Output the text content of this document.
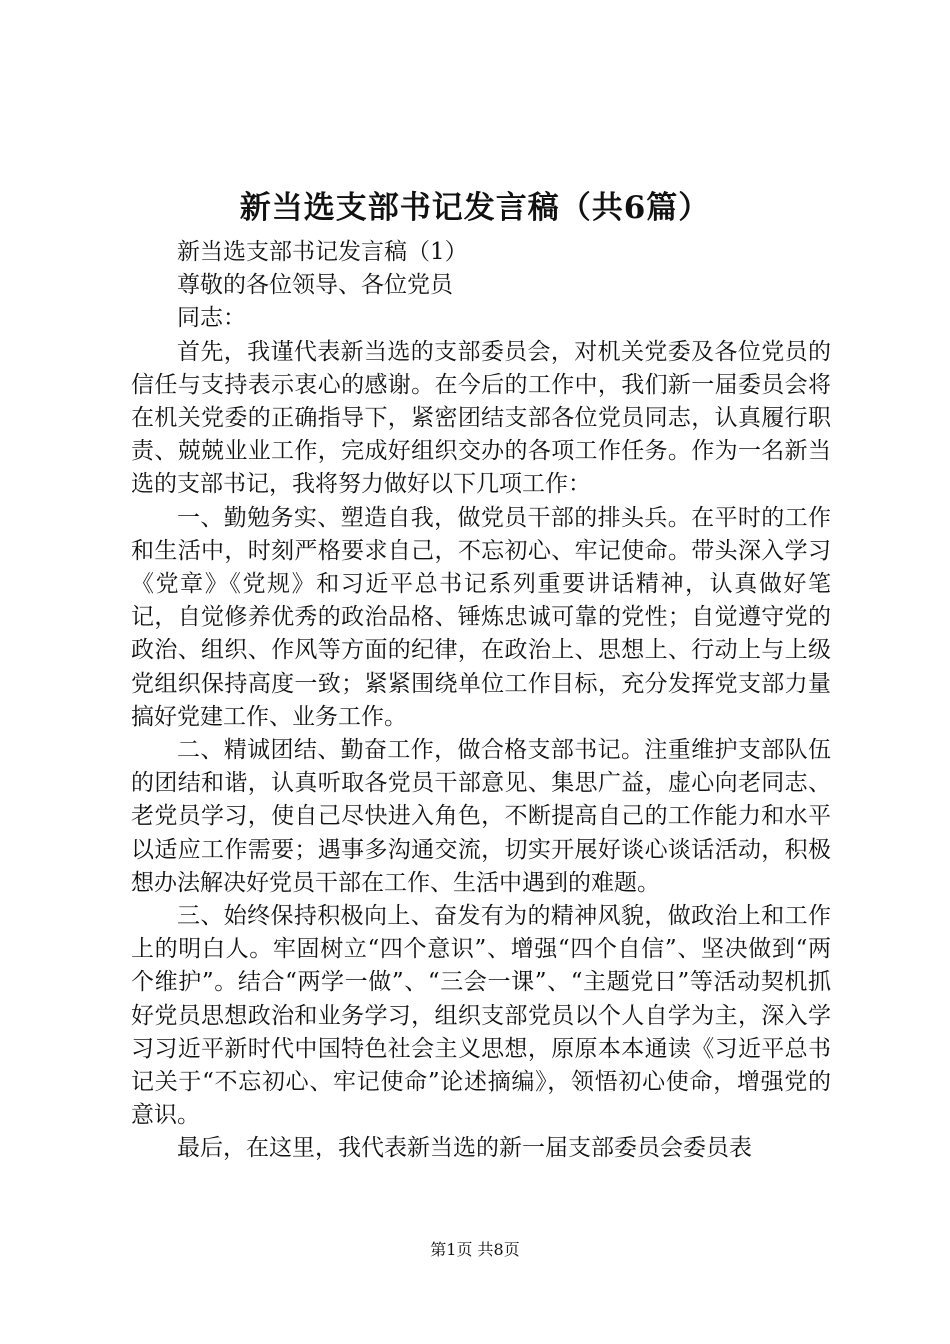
新当选支部书记发言稿（共6篇）

新当选支部书记发言稿（1）

尊敬的各位领导、各位党员

同志：

首先，我谨代表新当选的支部委员会，对机关党委及各位党员的信任与支持表示衷心的感谢。在今后的工作中，我们新一届委员会将在机关党委的正确指导下，紧密团结支部各位党员同志，认真履行职责、兢兢业业工作，完成好组织交办的各项工作任务。作为一名新当选的支部书记，我将努力做好以下几项工作：

一、勤勉务实、塑造自我，做党员干部的排头兵。在平时的工作和生活中，时刻严格要求自己，不忘初心、牢记使命。带头深入学习《党章》《党规》和习近平总书记系列重要讲话精神，认真做好笔记，自觉修养优秀的政治品格、锤炼忠诚可靠的党性；自觉遵守党的政治、组织、作风等方面的纪律，在政治上、思想上、行动上与上级党组织保持高度一致；紧紧围绕单位工作目标，充分发挥党支部力量搞好党建工作、业务工作。

二、精诚团结、勤奋工作，做合格支部书记。注重维护支部队伍的团结和谐，认真听取各党员干部意见、集思广益，虚心向老同志、老党员学习，使自己尽快进入角色，不断提高自己的工作能力和水平以适应工作需要；遇事多沟通交流，切实开展好谈心谈话活动，积极想办法解决好党员干部在工作、生活中遇到的难题。

三、始终保持积极向上、奋发有为的精神风貌，做政治上和工作上的明白人。牢固树立“四个意识”、增强“四个自信”、坚决做到“两个维护”。结合“两学一做”、“三会一课”、“主题党日”等活动契机抓好党员思想政治和业务学习，组织支部党员以个人自学为主，深入学习习近平新时代中国特色社会主义思想，原原本本通读《习近平总书记关于“不忘初心、牢记使命”论述摘编》，领悟初心使命，增强党的意识。

最后，在这里，我代表新当选的新一届支部委员会委员表

第1页 共8页
